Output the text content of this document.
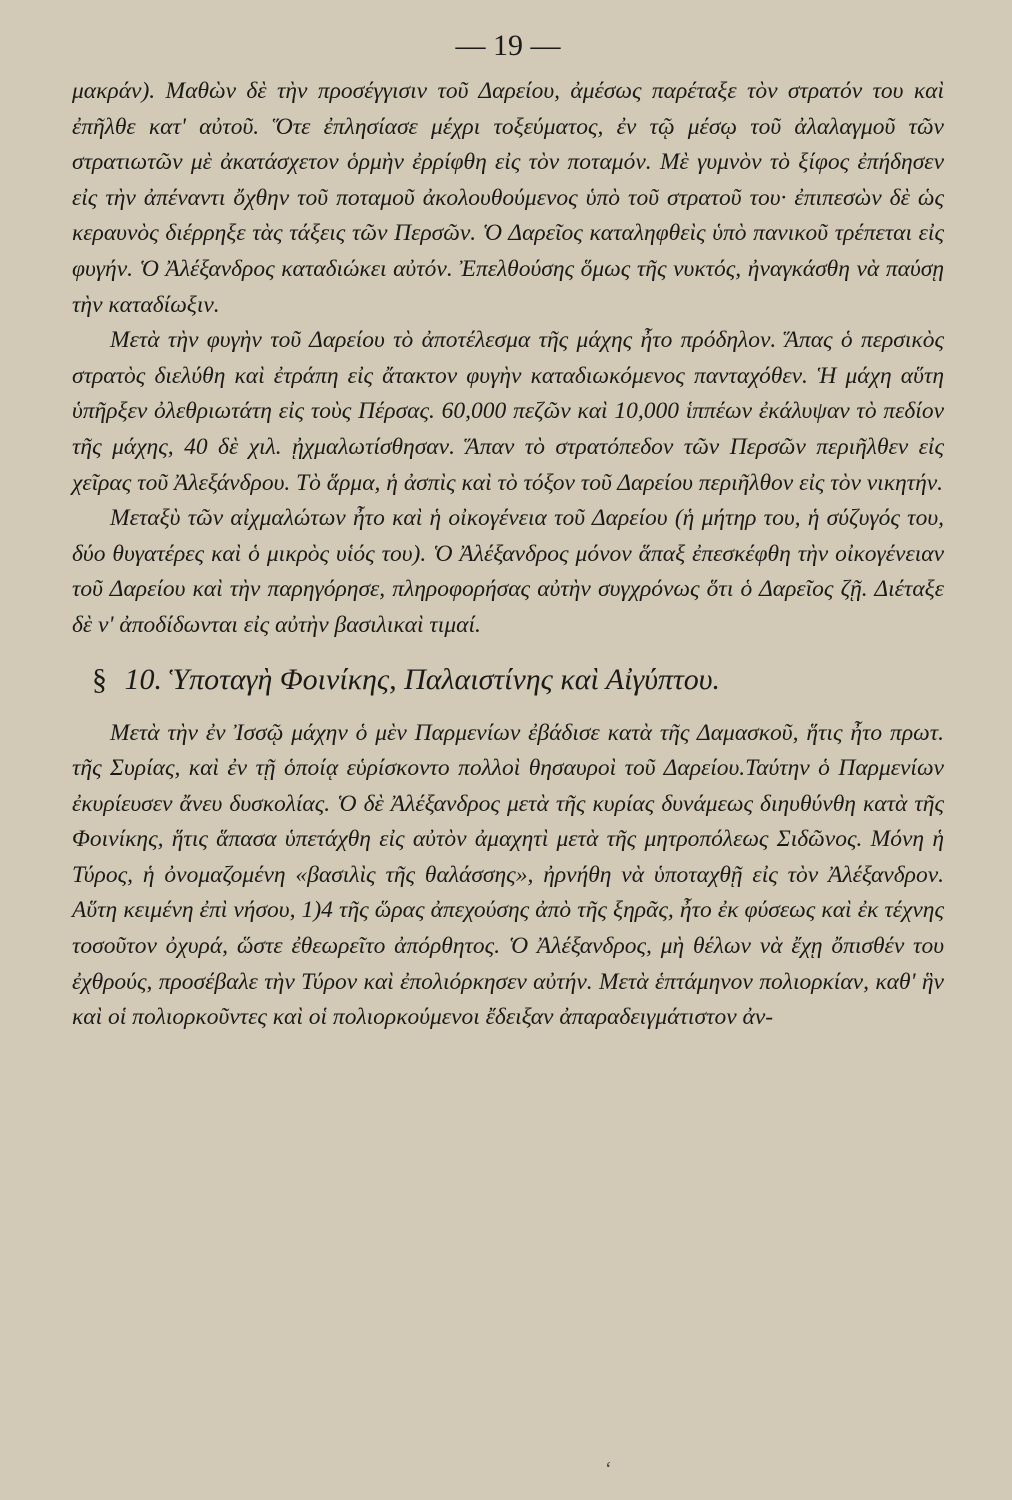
— 19 —

μακράν). Μαθὼν δὲ τὴν προσέγγισιν τοῦ Δαρείου, ἀμέσως παρέταξε τὸν στρατόν του καὶ ἐπῆλθε κατ' αὐτοῦ. Ὅτε ἐπλησίασε μέχρι τοξεύματος, ἐν τῷ μέσῳ τοῦ ἀλαλαγμοῦ τῶν στρατιωτῶν μὲ ἀκατάσχετον ὁρμὴν ἐρρίφθη εἰς τὸν ποταμόν. Μὲ γυμνὸν τὸ ξίφος ἐπήδησεν εἰς τὴν ἀπέναντι ὄχθην τοῦ ποταμοῦ ἀκολουθούμενος ὑπὸ τοῦ στρατοῦ του· ἐπιπεσὼν δὲ ὡς κεραυνὸς διέρρηξε τὰς τάξεις τῶν Περσῶν. Ὁ Δαρεῖος καταληφθεὶς ὑπὸ πανικοῦ τρέπεται εἰς φυγήν. Ὁ Ἀλέξανδρος καταδιώκει αὐτόν. Ἐπελθούσης ὅμως τῆς νυκτός, ἠναγκάσθη νὰ παύσῃ τὴν καταδίωξιν.

Μετὰ τὴν φυγὴν τοῦ Δαρείου τὸ ἀποτέλεσμα τῆς μάχης ἦτο πρόδηλον. Ἅπας ὁ περσικὸς στρατὸς διελύθη καὶ ἐτράπη εἰς ἄτακτον φυγὴν καταδιωκόμενος πανταχόθεν. Ἡ μάχη αὕτη ὑπῆρξεν ὀλεθριωτάτη εἰς τοὺς Πέρσας. 60,000 πεζῶν καὶ 10,000 ἱππέων ἐκάλυψαν τὸ πεδίον τῆς μάχης, 40 δὲ χιλ. ᾐχμαλωτίσθησαν. Ἅπαν τὸ στρατόπεδον τῶν Περσῶν περιῆλθεν εἰς χεῖρας τοῦ Ἀλεξάνδρου. Τὸ ἅρμα, ἡ ἀσπὶς καὶ τὸ τόξον τοῦ Δαρείου περιῆλθον εἰς τὸν νικητήν.

Μεταξὺ τῶν αἰχμαλώτων ἦτο καὶ ἡ οἰκογένεια τοῦ Δαρείου (ἡ μήτηρ του, ἡ σύζυγός του, δύο θυγατέρες καὶ ὁ μικρὸς υἱός του). Ὁ Ἀλέξανδρος μόνον ἅπαξ ἐπεσκέφθη τὴν οἰκογένειαν τοῦ Δαρείου καὶ τὴν παρηγόρησε, πληροφορήσας αὐτὴν συγχρόνως ὅτι ὁ Δαρεῖος ζῇ. Διέταξε δὲ ν' ἀποδίδωνται εἰς αὐτὴν βασιλικαὶ τιμαί.

§ 10. Ὑποταγὴ Φοινίκης, Παλαιστίνης καὶ Αἰγύπτου.

Μετὰ τὴν ἐν Ἰσσῷ μάχην ὁ μὲν Παρμενίων ἐβάδισε κατὰ τῆς Δαμασκοῦ, ἥτις ἦτο πρωτ. τῆς Συρίας, καὶ ἐν τῇ ὁποίᾳ εὑρίσκοντο πολλοὶ θησαυροὶ τοῦ Δαρείου.Ταύτην ὁ Παρμενίων ἐκυρίευσεν ἄνευ δυσκολίας. Ὁ δὲ Ἀλέξανδρος μετὰ τῆς κυρίας δυνάμεως διηυθύνθη κατὰ τῆς Φοινίκης, ἥτις ἅπασα ὑπετάχθη εἰς αὐτὸν ἀμαχητὶ μετὰ τῆς μητροπόλεως Σιδῶνος. Μόνη ἡ Τύρος, ἡ ὀνομαζομένη «βασιλὶς τῆς θαλάσσης», ἠρνήθη νὰ ὑποταχθῇ εἰς τὸν Ἀλέξανδρον. Αὕτη κειμένη ἐπὶ νήσου, 1)4 τῆς ὥρας ἀπεχούσης ἀπὸ τῆς ξηρᾶς, ἦτο ἐκ φύσεως καὶ ἐκ τέχνης τοσοῦτον ὀχυρά, ὥστε ἐθεωρεῖτο ἀπόρθητος. Ὁ Ἀλέξανδρος, μὴ θέλων νὰ ἔχῃ ὄπισθέν του ἐχθρούς, προσέβαλε τὴν Τύρον καὶ ἐπολιόρκησεν αὐτήν. Μετὰ ἑπτάμηνον πολιορκίαν, καθ' ἣν καὶ οἱ πολιορκοῦντες καὶ οἱ πολιορκούμενοι ἔδειξαν ἀπαραδειγμάτιστον ἀν-

ʻ
